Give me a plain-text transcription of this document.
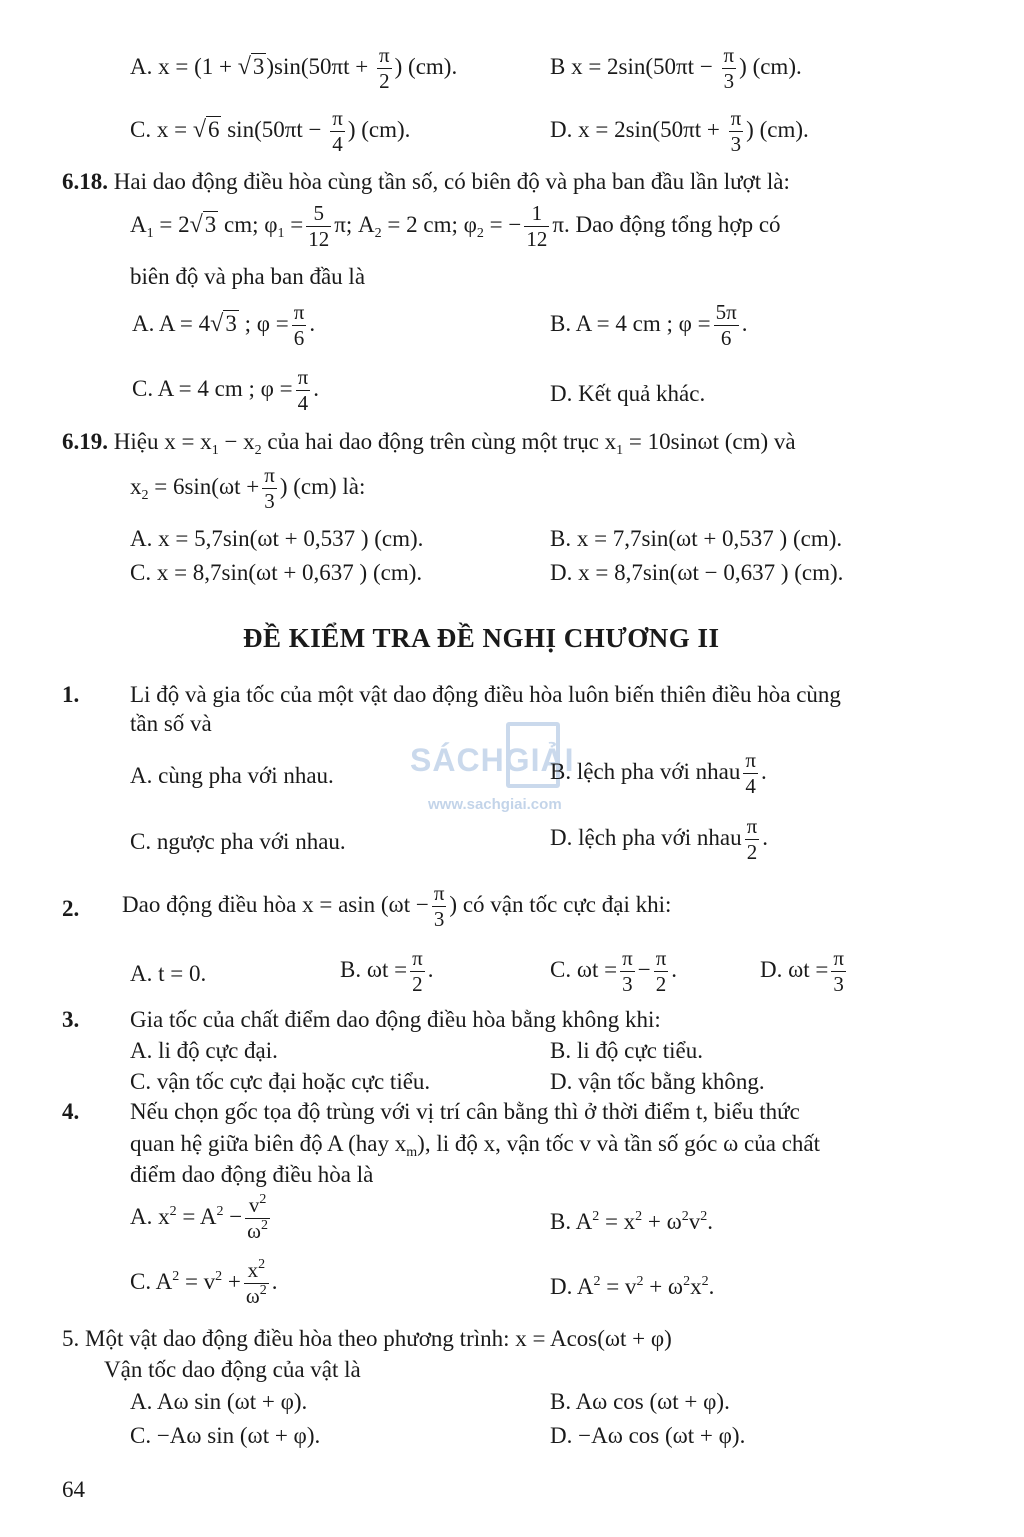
SÁCHGIẢI
www.sachgiai.com
A. $x = (1 + √3)\sin(50\pi t + \frac{\pi}{2}$ ) (cm).	B $x = 2\sin(50\pi t - \frac{\pi}{3}$ ) (cm).
C. x = √6 $\sin(50\pi t - \frac{\pi}{4}$ ) (cm).	D. $x = 2\sin(50\pi t + \frac{\pi}{3}$ ) (cm).
6.18. Hai dao động điều hòa cùng tần số, có biên độ và pha ban đầu lần lượt là:
$A_1 = 2√3$ cm; $\varphi_1 = \frac{5}{12} \pi$; $A_2 = 2$ cm; $\varphi_2$ = − $\frac{1}{12} \pi$. Dao động tổng hợp có
biên độ và pha ban đầu là
A. A = 4√3 ; $\varphi = \frac{\pi}{6}$ .	B. A = 4 cm ; $\varphi = \frac{5\pi}{6}$ .
C. A = 4 cm ; $\varphi = \frac{\pi}{4}$ .	D. Kết quả khác.
6.19. Hiệu $x = x_1 - x_2$ của hai dao động trên cùng một trục $x_1 = 10\sin\omega t$ (cm) và
$x_2 = 6\sin(\omega t + \frac{\pi}{3}$ ) (cm) là:
A. x = 5,7sin(ωt + 0,537 ) (cm).	B. x = 7,7sin(ωt + 0,537 ) (cm).
C. x = 8,7sin(ωt + 0,637 ) (cm).	D. x = 8,7sin(ωt − 0,637 ) (cm).
ĐỀ KIỂM TRA ĐỀ NGHỊ CHƯƠNG II
1. Li độ và gia tốc của một vật dao động điều hòa luôn biến thiên điều hòa cùng
tần số và
A. cùng pha với nhau.	B. lệch pha với nhau $\frac{\pi}{4}$ .
C. ngược pha với nhau.	D. lệch pha với nhau $\frac{\pi}{2}$ .
2. Dao động điều hòa x = asin ($\omega t - \frac{\pi}{3}$ ) có vận tốc cực đại khi:
A. t = 0.	B. $\omega t = \frac{\pi}{2}$ .	C. $\omega t = \frac{\pi}{3} - \frac{\pi}{2}$ .	D. $\omega t = \frac{\pi}{3}$
3. Gia tốc của chất điểm dao động điều hòa bằng không khi:
A. li độ cực đại.	B. li độ cực tiểu.
C. vận tốc cực đại hoặc cực tiểu.	D. vận tốc bằng không.
4. Nếu chọn gốc tọa độ trùng với vị trí cân bằng thì ở thời điểm t, biểu thức
quan hệ giữa biên độ A (hay $x_m$), li độ x, vận tốc v và tần số góc ω của chất
điểm dao động điều hòa là
A. $x^2 = A^2 - \frac{v^2}{\omega^2}$	B. $A^2 = x^2 + \omega^2v^2$.
C. $A^2 = v^2 + \frac{x^2}{\omega^2}$ .	D. $A^2 = v^2 + \omega^2x^2$.
5. Một vật dao động điều hòa theo phương trình: x = Acos(ωt + φ)
Vận tốc dao động của vật là
A. Aω sin (ωt + φ).	B. Aω cos (ωt + φ).
C. −Aω sin (ωt + φ).	D. −Aω cos (ωt + φ).
64
